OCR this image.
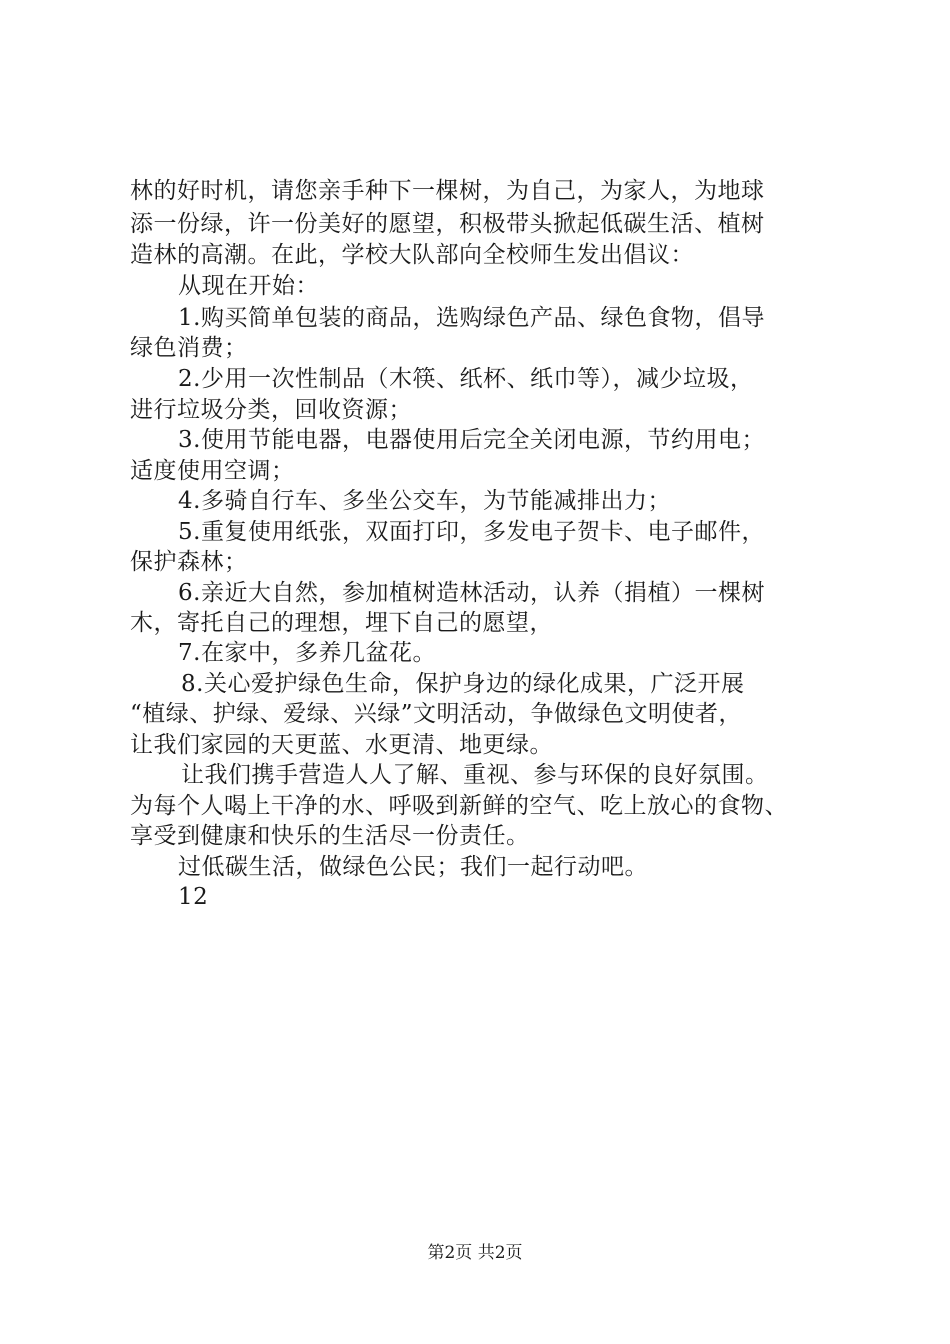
林的好时机，请您亲手种下一棵树，为自己，为家人，为地球
添一份绿，许一份美好的愿望，积极带头掀起低碳生活、植树
造林的高潮。在此，学校大队部向全校师生发出倡议：
从现在开始：
1.购买简单包装的商品，选购绿色产品、绿色食物，倡导
绿色消费；
2.少用一次性制品（木筷、纸杯、纸巾等），减少垃圾，
进行垃圾分类，回收资源；
3.使用节能电器，电器使用后完全关闭电源，节约用电；
适度使用空调；
4.多骑自行车、多坐公交车，为节能减排出力；
5.重复使用纸张，双面打印，多发电子贺卡、电子邮件，
保护森林；
6.亲近大自然，参加植树造林活动，认养（捐植）一棵树
木，寄托自己的理想，埋下自己的愿望，
7.在家中，多养几盆花。
8.关心爱护绿色生命，保护身边的绿化成果，广泛开展
“植绿、护绿、爱绿、兴绿”文明活动，争做绿色文明使者，
让我们家园的天更蓝、水更清、地更绿。
让我们携手营造人人了解、重视、参与环保的良好氛围。
为每个人喝上干净的水、呼吸到新鲜的空气、吃上放心的食物、
享受到健康和快乐的生活尽一份责任。
过低碳生活，做绿色公民；我们一起行动吧。
12
第2页 共2页
